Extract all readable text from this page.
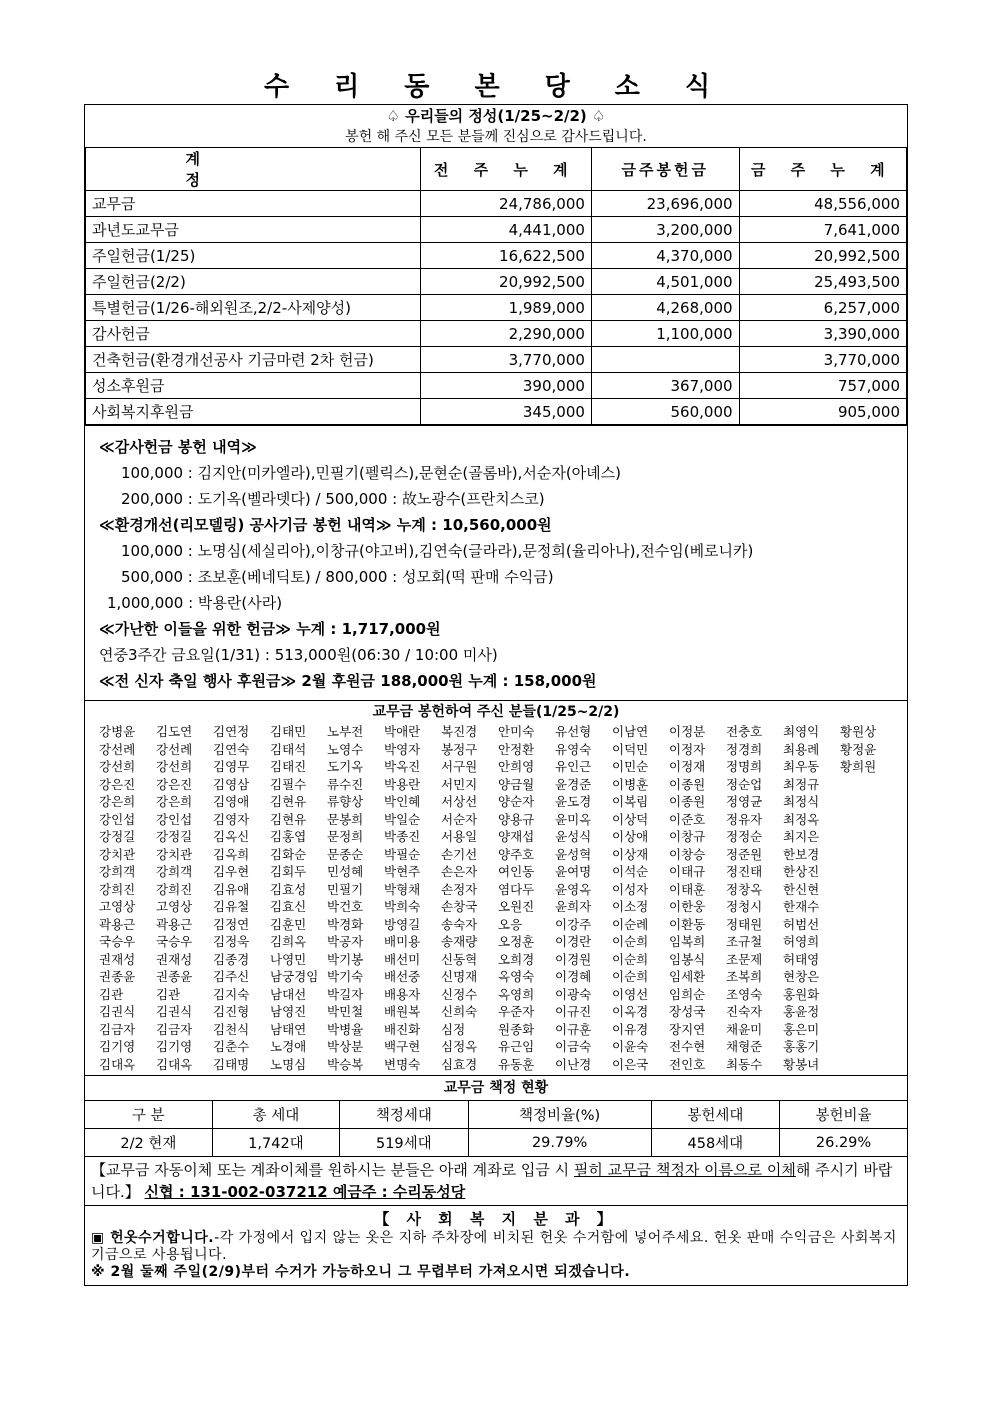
수 리 동 본 당 소 식
♤ 우리들의 정성(1/25~2/2) ♤
봉헌 해 주신 모든 분들께 진심으로 감사드립니다.
계 정	전 주 누 계	금주봉헌금	금 주 누 계
교무금	24,786,000	23,696,000	48,556,000
과년도교무금	4,441,000	3,200,000	7,641,000
주일헌금(1/25)	16,622,500	4,370,000	20,992,500
주일헌금(2/2)	20,992,500	4,501,000	25,493,500
특별헌금(1/26-해외원조,2/2-사제양성)	1,989,000	4,268,000	6,257,000
감사헌금	2,290,000	1,100,000	3,390,000
건축헌금(환경개선공사 기금마련 2차 헌금)	3,770,000		3,770,000
성소후원금	390,000	367,000	757,000
사회복지후원금	345,000	560,000	905,000
≪감사헌금 봉헌 내역≫
100,000 : 김지안(미카엘라),민필기(펠릭스),문현순(골롬바),서순자(아녜스)
200,000 : 도기옥(벨라뎃다) / 500,000 : 故노광수(프란치스코)
≪환경개선(리모델링) 공사기금 봉헌 내역≫ 누계 : 10,560,000원
100,000 : 노명심(세실리아),이창규(야고버),김연숙(글라라),문정희(율리아나),전수임(베로니카)
500,000 : 조보훈(베네딕토) / 800,000 : 성모회(떡 판매 수익금)
1,000,000 : 박용란(사라)
≪가난한 이들을 위한 헌금≫ 누계 : 1,717,000원
연중3주간 금요일(1/31) : 513,000원(06:30 / 10:00 미사)
≪전 신자 축일 행사 후원금≫ 2월 후원금 188,000원 누계 : 158,000원
교무금 봉헌하여 주신 분들(1/25~2/2)
강병윤	김도연	김연정	김태민	노부전	박애란	복진경	안미숙	유선형	이남연	이정분	전충호	최영익	황원상
강선례	강선례	김연숙	김태석	노영수	박영자	봉정구	안정환	유영숙	이덕민	이정자	정경희	최용례	황정윤
강선희	강선희	김영무	김태진	도기옥	박옥진	서구원	안희영	유인근	이민순	이정재	정명희	최우동	황희원
강은진	강은진	김영삼	김필수	류수진	박용란	서민지	양금월	윤경준	이병훈	이종원	정순업	최정규
강은희	강은희	김영애	김현유	류향상	박인혜	서상선	양순자	윤도경	이복림	이종원	정영균	최정식
강인섭	강인섭	김영자	김현유	문봉희	박일순	서순자	양용규	윤미옥	이상덕	이준호	정유자	최정옥
강정길	강정길	김옥신	김홍엽	문정희	박종진	서용일	양재섭	윤성식	이상애	이창규	정정순	최지은
강치관	강치관	김옥희	김화순	문종순	박필순	손기선	양주호	윤성혁	이상재	이창승	정준원	한보경
강희객	강희객	김우현	김회두	민성혜	박현주	손은자	여인동	윤여명	이석순	이태규	정진태	한상진
강희진	강희진	김유애	김효성	민필기	박형채	손정자	염다두	윤영옥	이성자	이태훈	정창옥	한신현
고영상	고영상	김유철	김효신	박건호	박희숙	손창국	오원진	윤희자	이소정	이한웅	정청시	한재수
곽용근	곽용근	김정연	김훈민	박경화	방영길	송숙자	오응	이강주	이순례	이환동	정태원	허범선
국승우	국승우	김정욱	김희옥	박공자	배미용	송재량	오정훈	이경란	이순희	임복희	조규철	허영희
권재성	권재성	김종경	나영민	박기봉	배선미	신동혁	오희경	이경원	이순희	임봉식	조문제	허태영
권종윤	권종윤	김주신	남궁경임 박기숙	배선중	신명재	옥영숙	이경혜	이순희	임세환	조복희	현창은
김관	김관	김지숙	남대선	박길자	배용자	신정수	옥영희	이광숙	이영선	임희순	조영숙	홍원화
김권식	김권식	김진형	남영진	박민철	배원복	신희숙	우준자	이규진	이옥경	장성국	진숙자	홍윤정
김금자	김금자	김천식	남태연	박병율	배진화	심정	원종화	이규훈	이유경	장지연	채윤미	홍은미
김기영	김기영	김춘수	노경애	박상분	백구현	심정옥	유근임	이금숙	이윤숙	전수현	채형준	홍홍기
김대옥	김대옥	김태명	노명심	박승복	변명숙	심효경	유동훈	이난경	이은국	전인호	최동수	황봉녀
교무금 책정 현황
구 분	총 세대	책정세대	책정비율(%)	봉헌세대	봉헌비율
2/2 현재	1,742대	519세대	29.79%	458세대	26.29%
【교무금 자동이체 또는 계좌이체를 원하시는 분들은 아래 계좌로 입금 시 필히 교무금 책정자 이름으로 이체해 주시기 바랍니다.】 신협 : 131-002-037212 예금주 : 수리동성당
【 사 회 복 지 분 과 】
▣ 헌옷수거합니다.-각 가정에서 입지 않는 옷은 지하 주차장에 비치된 헌옷 수거함에 넣어주세요. 헌옷 판매 수익금은 사회복지 기금으로 사용됩니다.
※ 2월 둘째 주일(2/9)부터 수거가 가능하오니 그 무렵부터 가져오시면 되겠습니다.
